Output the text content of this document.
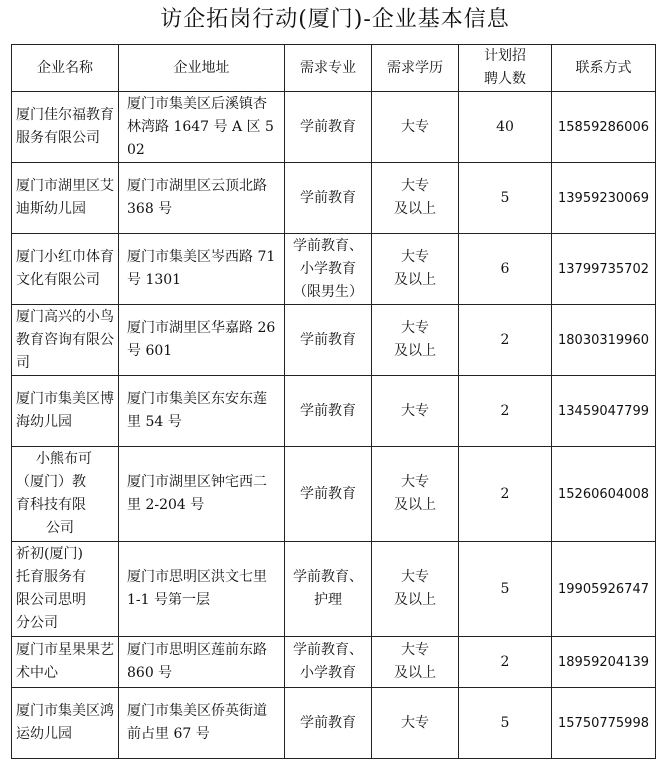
访企拓岗行动(厦门)-企业基本信息
企业名称	企业地址	需求专业	需求学历	计划招
聘人数	联系方式
厦门佳尔福教育服务有限公司	厦门市集美区后溪镇杏林湾路 1647 号 A 区 502	学前教育	大专	40	15859286006
厦门市湖里区艾迪斯幼儿园	厦门市湖里区云顶北路 368 号	学前教育	大专
及以上	5	13959230069
厦门小红巾体育文化有限公司	厦门市集美区岑西路 71 号 1301	学前教育、
小学教育
（限男生）	大专
及以上	6	13799735702
厦门高兴的小鸟教育咨询有限公司	厦门市湖里区华嘉路 26 号 601	学前教育	大专
及以上	2	18030319960
厦门市集美区博海幼儿园	厦门市集美区东安东莲里 54 号	学前教育	大专	2	13459047799

小熊布可
（厦门）教
育科技有限
公司	厦门市湖里区钟宅西二里 2-204 号	学前教育	大专
及以上	2	15260604008

祈初(厦门)
托育服务有
限公司思明
分公司	厦门市思明区洪文七里 1-1 号第一层	学前教育、
护理	大专
及以上	5	19905926747
厦门市星果果艺术中心	厦门市思明区莲前东路 860 号	学前教育、
小学教育	大专
及以上	2	18959204139
厦门市集美区鸿运幼儿园	厦门市集美区侨英街道前占里 67 号	学前教育	大专	5	15750775998
